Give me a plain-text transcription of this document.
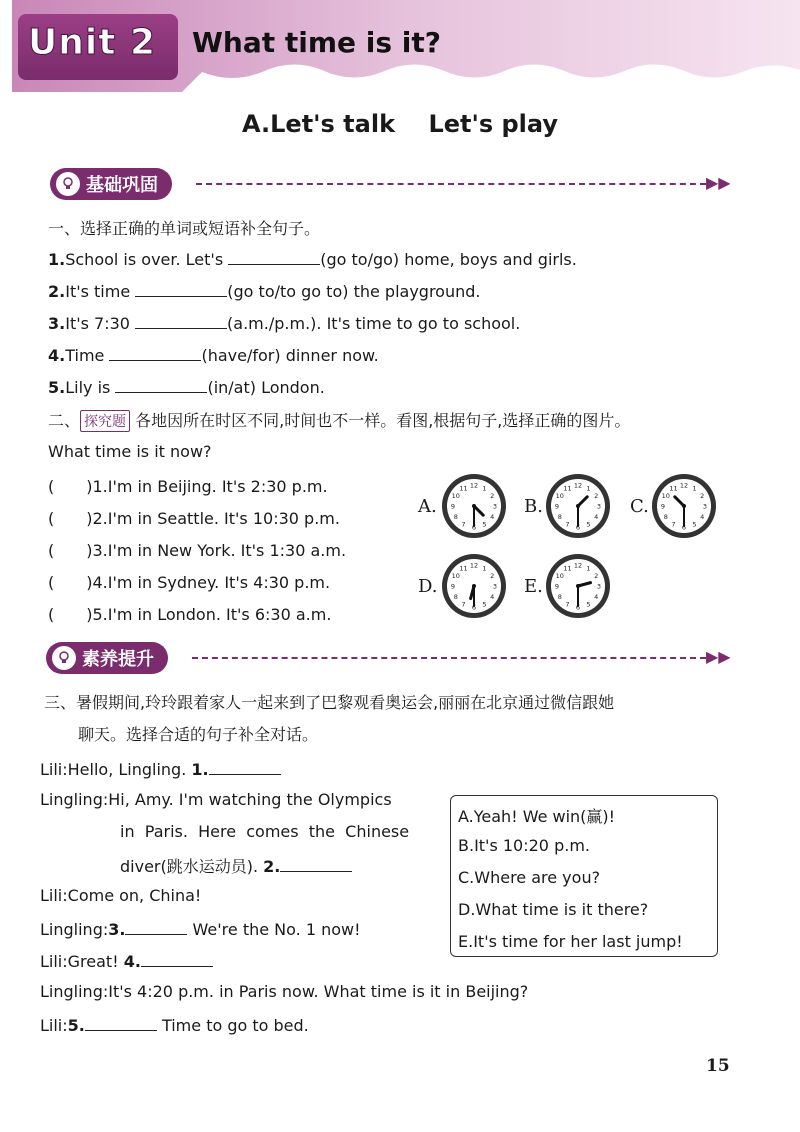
Unit 2 What time is it?
A.Let's talk    Let's play
基础巩固	▶▶
一、选择正确的单词或短语补全句子。
1.School is over. Let's	(go to/go) home, boys and girls.
2.It's time	(go to/to go to) the playground.
3.It's 7:30	(a.m./p.m.). It's time to go to school.
4.Time	(have/for) dinner now.
5.Lily is	(in/at) London.
二、 探究题 各地因所在时区不同,时间也不一样。看图,根据句子,选择正确的图片。
What time is it now?
(　　)1.I'm in Beijing. It's 2:30 p.m.
(　　)2.I'm in Seattle. It's 10:30 p.m.
(　　)3.I'm in New York. It's 1:30 a.m.
(　　)4.I'm in Sydney. It's 4:30 p.m.
(　　)5.I'm in London. It's 6:30 a.m.
A.
1
2
3
4
5
6
7
8
9
10
11 12
B.
1
2
3
4
5
6
7
8
9
10
11 12
C.
1
2
3
4
5
6
7
8
9
10
11 12
D.
1
2
3
4
5
6
7
8
9
10
11 12
E.
1
2
3
4
5
6
7
8
9
10
11 12
素养提升	▶▶
三、暑假期间,玲玲跟着家人一起来到了巴黎观看奥运会,丽丽在北京通过微信跟她
聊天。选择合适的句子补全对话。
Lili:Hello, Lingling. 1.
Lingling:Hi, Amy. I'm watching the Olympics
in  Paris.  Here  comes  the  Chinese
diver(跳水运动员). 2.
Lili:Come on, China!
Lingling:3.	We're the No. 1 now!
Lili:Great! 4.
Lingling:It's 4:20 p.m. in Paris now. What time is it in Beijing?
Lili:5.	Time to go to bed.
A.Yeah! We win(赢)!
B.It's 10:20 p.m.
C.Where are you?
D.What time is it there?
E.It's time for her last jump!
15
